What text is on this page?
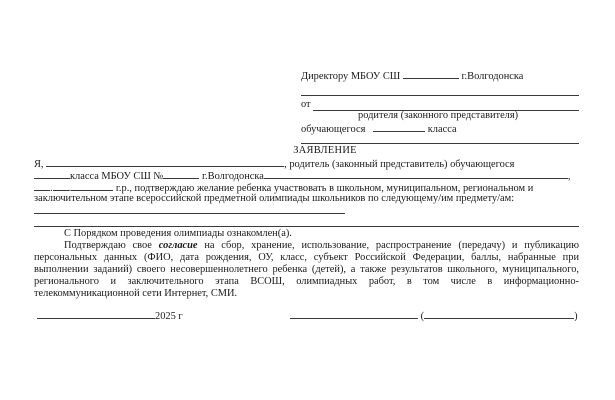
Директору МБОУ СШ	г.Волгодонска
от
родителя (законного представителя)
обучающегося	класса
ЗАЯВЛЕНИЕ
Я,	, родитель (законный представитель) обучающегося
класса МБОУ СШ №	г.Волгодонска	,
. .	г.р., подтверждаю желание ребенка участвовать в школьном, муниципальном, региональном и
заключительном этапе всероссийской предметной олимпиады школьников по следующему/им предмету/ам:
С Порядком проведения олимпиады ознакомлен(а).
Подтверждаю свое согласие на сбор, хранение, использование, распространение (передачу) и публикацию
персональных данных (ФИО, дата рождения, ОУ, класс, субъект Российской Федерации, баллы, набранные при
выполнении заданий) своего несовершеннолетнего ребенка (детей), а также результатов школьного, муниципального,
регионального и заключительного этапа ВСОШ, олимпиадных работ, в том числе в информационно-
телекоммуникационной сети Интернет, СМИ.
2025 г	(	)
